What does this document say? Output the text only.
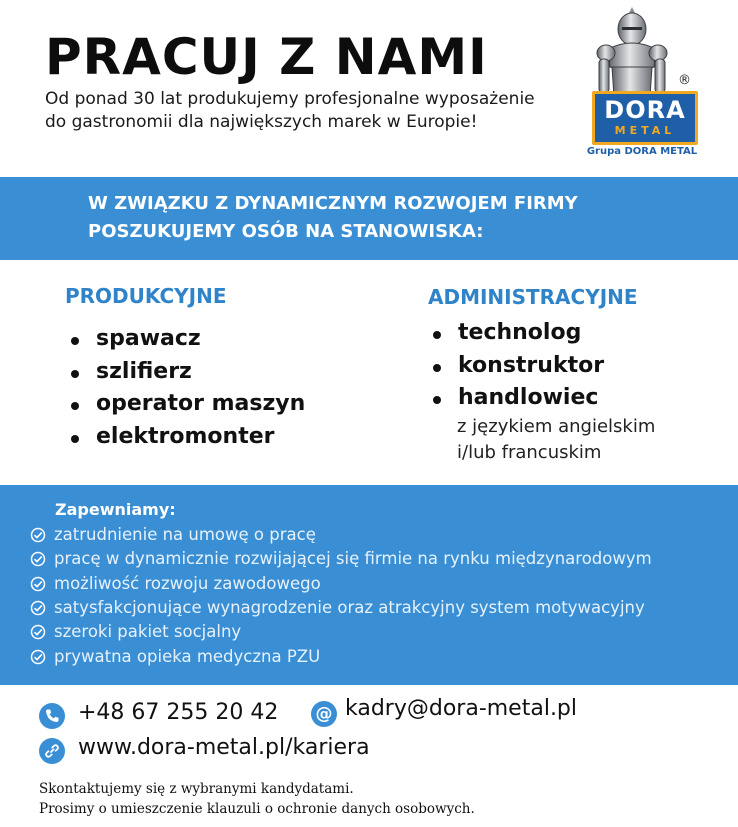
PRACUJ Z NAMI
Od ponad 30 lat produkujemy profesjonalne wyposażenie do gastronomii dla największych marek w Europie!
®
DORA
METAL
Grupa DORA METAL
W ZWIĄZKU Z DYNAMICZNYM ROZWOJEM FIRMY
POSZUKUJEMY OSÓB NA STANOWISKA:
PRODUKCYJNE
spawacz
szlifierz
operator maszyn
elektromonter
ADMINISTRACYJNE
technolog
konstruktor
handlowiec
z językiem angielskim
i/lub francuskim
Zapewniamy:
zatrudnienie na umowę o pracę
pracę w dynamicznie rozwijającej się firmie na rynku międzynarodowym
możliwość rozwoju zawodowego
satysfakcjonujące wynagrodzenie oraz atrakcyjny system motywacyjny
szeroki pakiet socjalny
prywatna opieka medyczna PZU
+48 67 255 20 42 @ kadry@dora-metal.pl
www.dora-metal.pl/kariera
Skontaktujemy się z wybranymi kandydatami.
Prosimy o umieszczenie klauzuli o ochronie danych osobowych.
